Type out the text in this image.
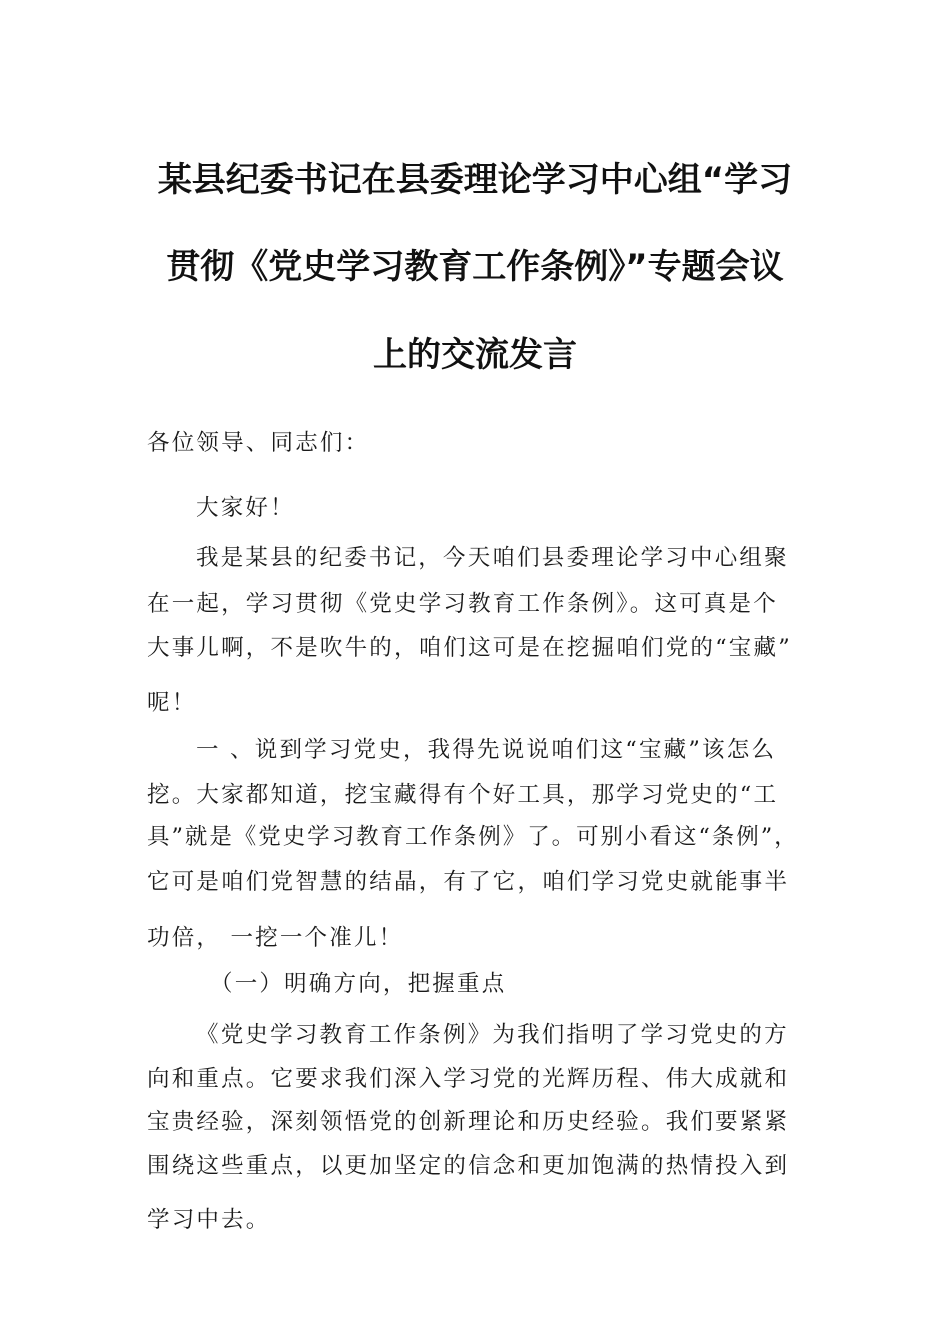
某县纪委书记在县委理论学习中心组“学习
贯彻《党史学习教育工作条例》”专题会议
上的交流发言
各位领导、同志们：
大家好！
我是某县的纪委书记，今天咱们县委理论学习中心组聚
在一起，学习贯彻《党史学习教育工作条例》。这可真是个
大事儿啊，不是吹牛的，咱们这可是在挖掘咱们党的“宝藏”
呢！
一 、说到学习党史，我得先说说咱们这“宝藏”该怎么
挖。大家都知道，挖宝藏得有个好工具，那学习党史的“工
具”就是《党史学习教育工作条例》了。可别小看这“条例”，
它可是咱们党智慧的结晶，有了它，咱们学习党史就能事半
功倍， 一挖一个准儿！
（一）明确方向，把握重点
《党史学习教育工作条例》为我们指明了学习党史的方
向和重点。它要求我们深入学习党的光辉历程、伟大成就和
宝贵经验，深刻领悟党的创新理论和历史经验。我们要紧紧
围绕这些重点，以更加坚定的信念和更加饱满的热情投入到
学习中去。
